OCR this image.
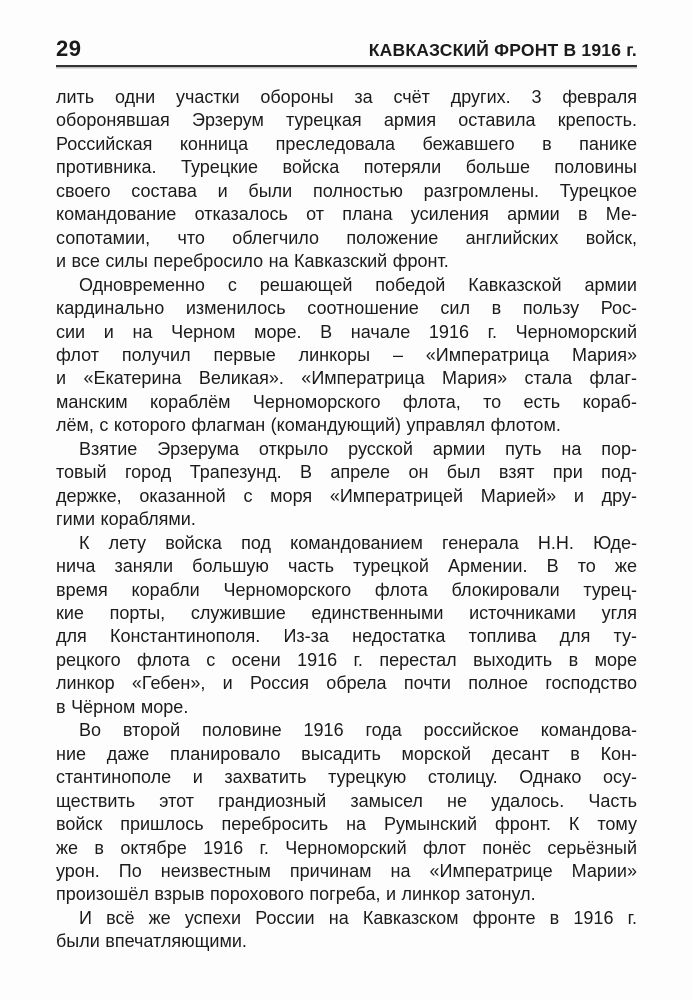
29	КАВКАЗСКИЙ ФРОНТ В 1916 г.
лить одни участки обороны за счёт других. 3 февраля
оборонявшая Эрзерум турецкая армия оставила крепость.
Российская конница преследовала бежавшего в панике
противника. Турецкие войска потеряли больше половины
своего состава и были полностью разгромлены. Турецкое
командование отказалось от плана усиления армии в Ме-
сопотамии, что облегчило положение английских войск,
и все силы перебросило на Кавказский фронт.
Одновременно с решающей победой Кавказской армии
кардинально изменилось соотношение сил в пользу Рос-
сии и на Черном море. В начале 1916 г. Черноморский
флот получил первые линкоры – «Императрица Мария»
и «Екатерина Великая». «Императрица Мария» стала флаг-
манским кораблём Черноморского флота, то есть кораб-
лём, с которого флагман (командующий) управлял флотом.
Взятие Эрзерума открыло русской армии путь на пор-
товый город Трапезунд. В апреле он был взят при под-
держке, оказанной с моря «Императрицей Марией» и дру-
гими кораблями.
К лету войска под командованием генерала Н.Н. Юде-
нича заняли большую часть турецкой Армении. В то же
время корабли Черноморского флота блокировали турец-
кие порты, служившие единственными источниками угля
для Константинополя. Из-за недостатка топлива для ту-
рецкого флота с осени 1916 г. перестал выходить в море
линкор «Гебен», и Россия обрела почти полное господство
в Чёрном море.
Во второй половине 1916 года российское командова-
ние даже планировало высадить морской десант в Кон-
стантинополе и захватить турецкую столицу. Однако осу-
ществить этот грандиозный замысел не удалось. Часть
войск пришлось перебросить на Румынский фронт. К тому
же в октябре 1916 г. Черноморский флот понёс серьёзный
урон. По неизвестным причинам на «Императрице Марии»
произошёл взрыв порохового погреба, и линкор затонул.
И всё же успехи России на Кавказском фронте в 1916 г.
были впечатляющими.
